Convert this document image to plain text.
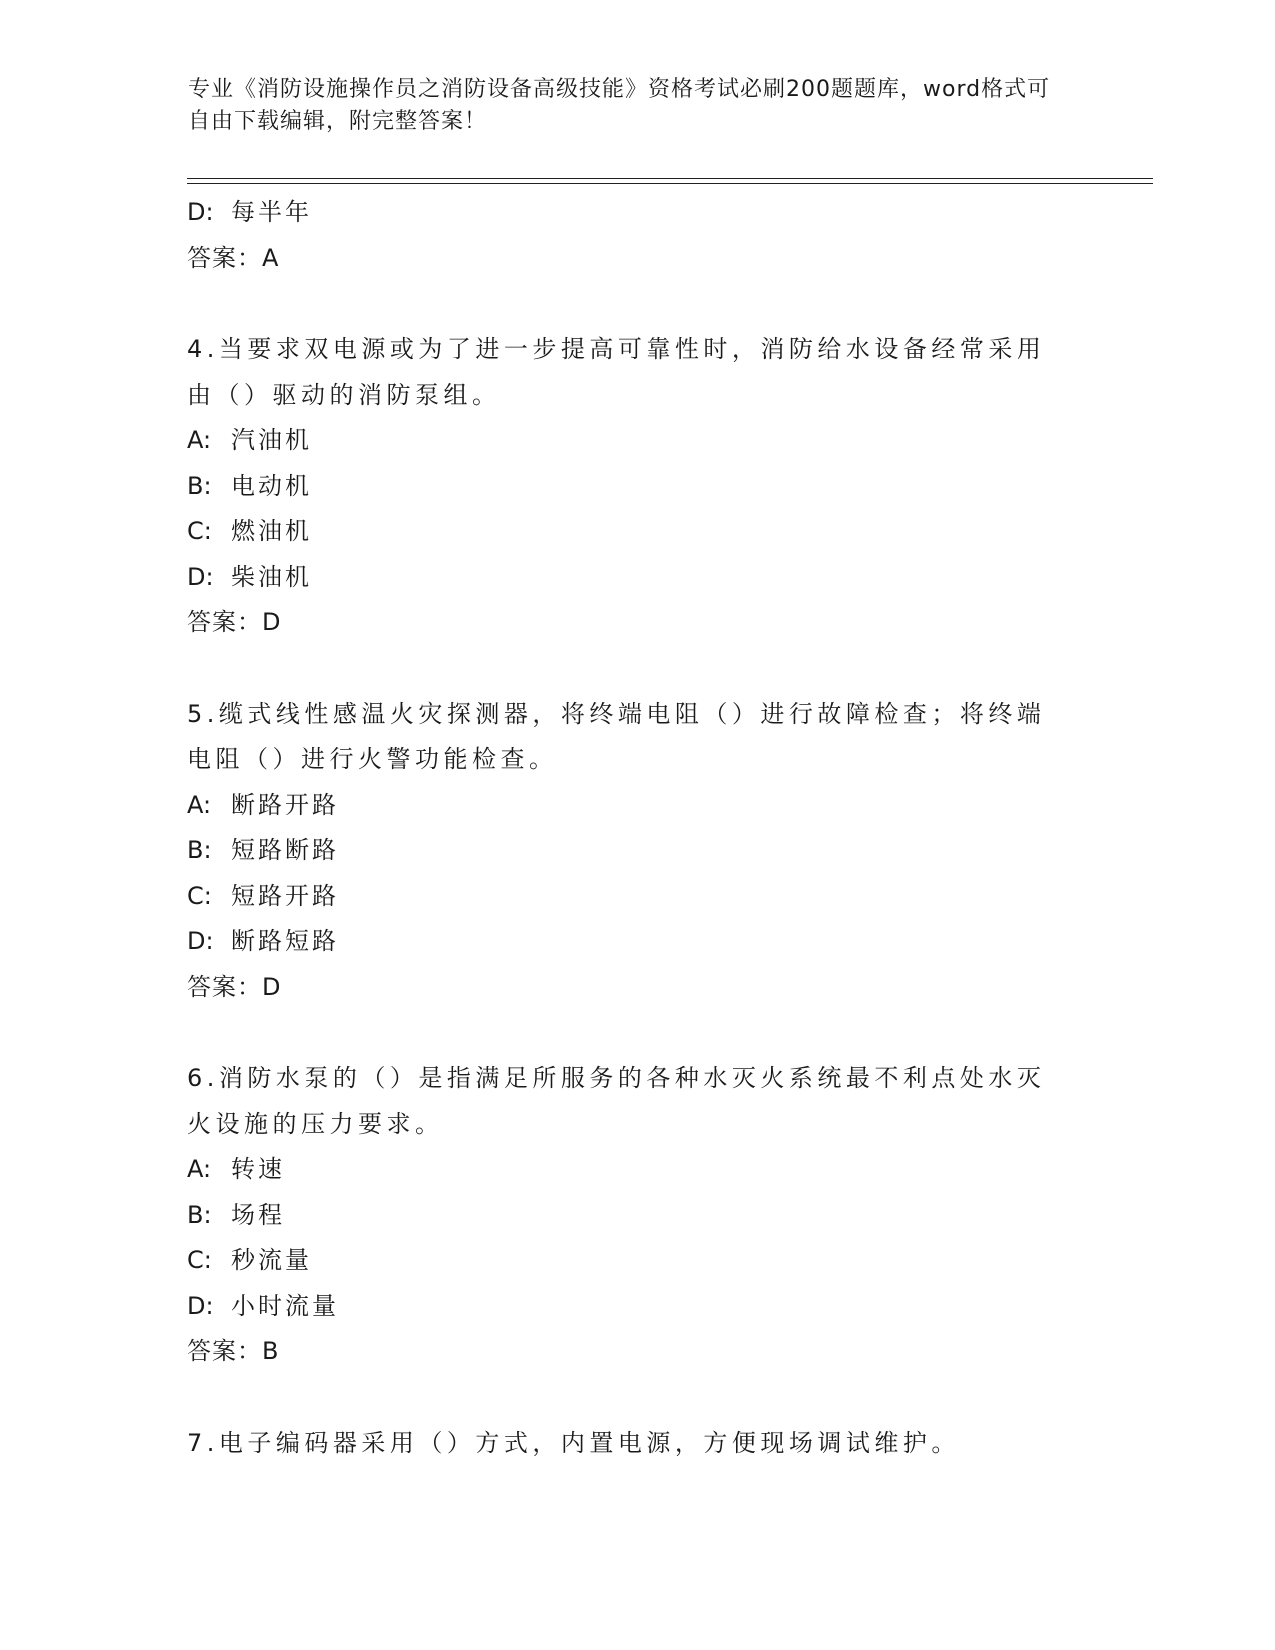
专业《消防设施操作员之消防设备高级技能》资格考试必刷200题题库，word格式可自由下载编辑，附完整答案！
D: 每半年
答案：A
4.当要求双电源或为了进一步提高可靠性时，消防给水设备经常采用由（）驱动的消防泵组。
A: 汽油机
B: 电动机
C: 燃油机
D: 柴油机
答案：D
5.缆式线性感温火灾探测器，将终端电阻（）进行故障检查；将终端电阻（）进行火警功能检查。
A: 断路开路
B: 短路断路
C: 短路开路
D: 断路短路
答案：D
6.消防水泵的（）是指满足所服务的各种水灭火系统最不利点处水灭火设施的压力要求。
A: 转速
B: 场程
C: 秒流量
D: 小时流量
答案：B
7.电子编码器采用（）方式，内置电源，方便现场调试维护。
